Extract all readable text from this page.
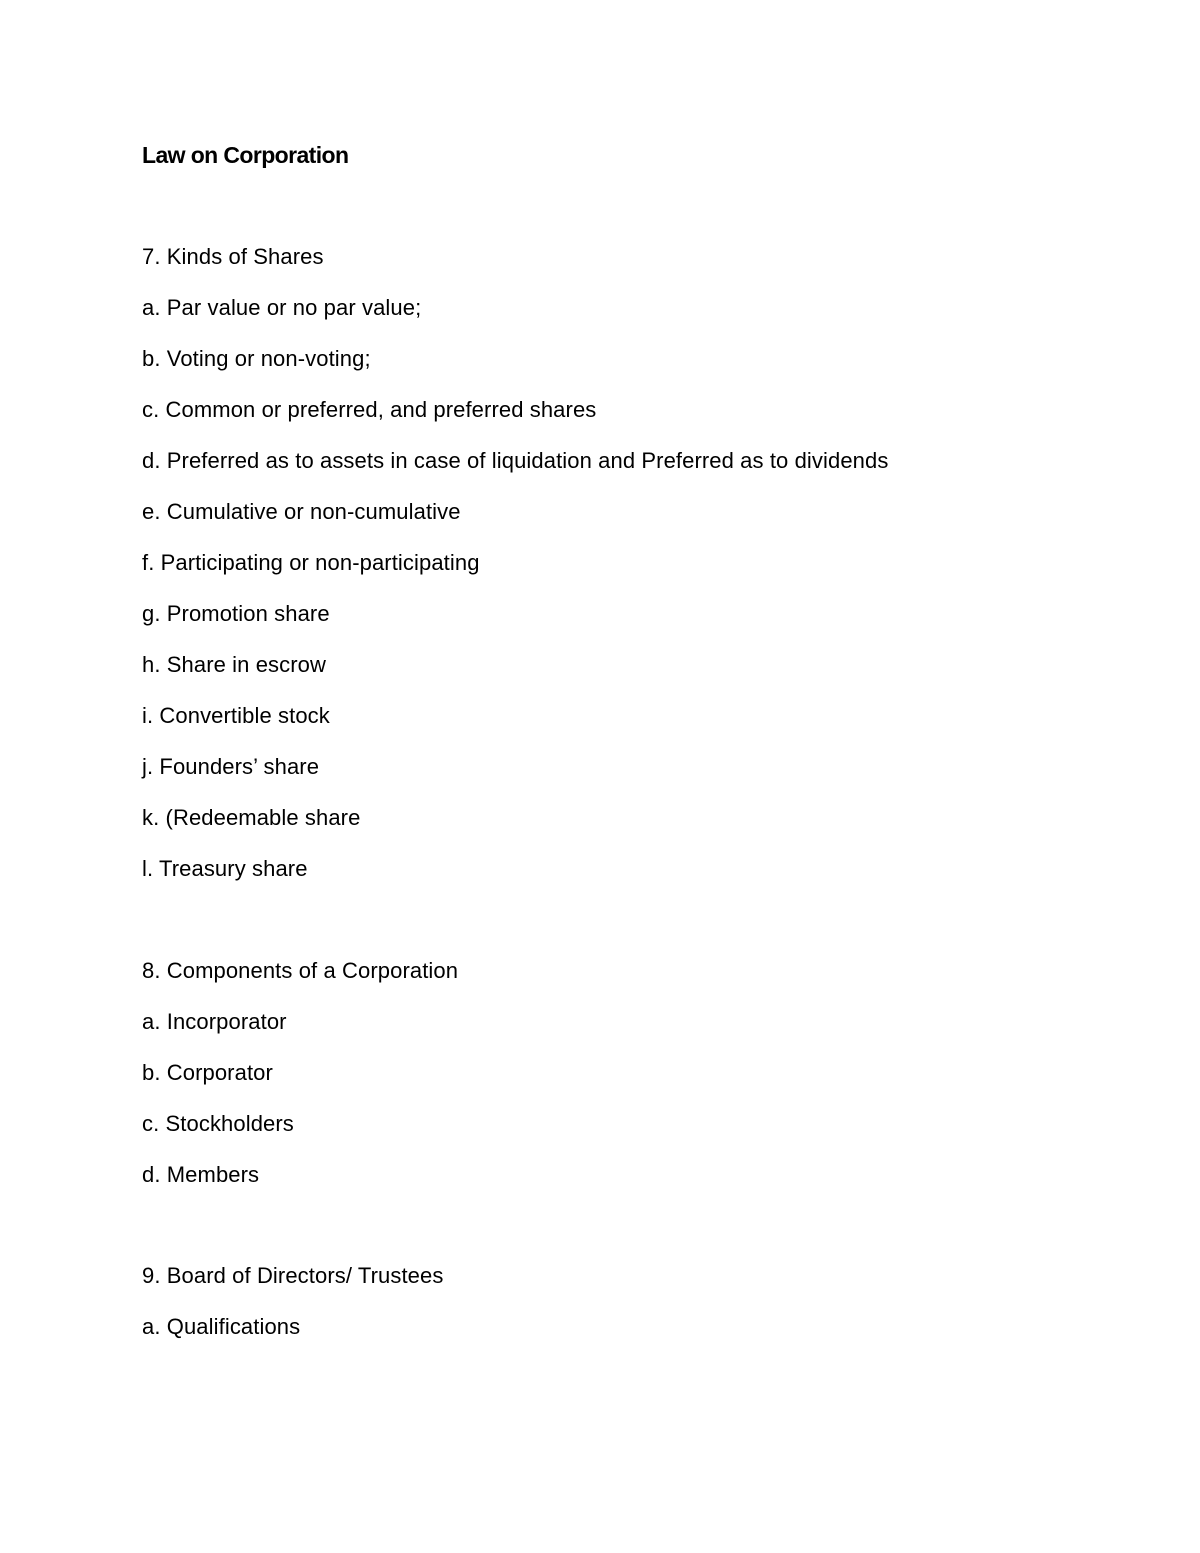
Law on Corporation
7. Kinds of Shares
a. Par value or no par value;
b. Voting or non-voting;
c. Common or preferred, and preferred shares
d. Preferred as to assets in case of liquidation and Preferred as to dividends
e. Cumulative or non-cumulative
f. Participating or non-participating
g. Promotion share
h. Share in escrow
i. Convertible stock
j. Founders’ share
k. (Redeemable share
l. Treasury share
8. Components of a Corporation
a. Incorporator
b. Corporator
c. Stockholders
d. Members
9. Board of Directors/ Trustees
a. Qualifications
